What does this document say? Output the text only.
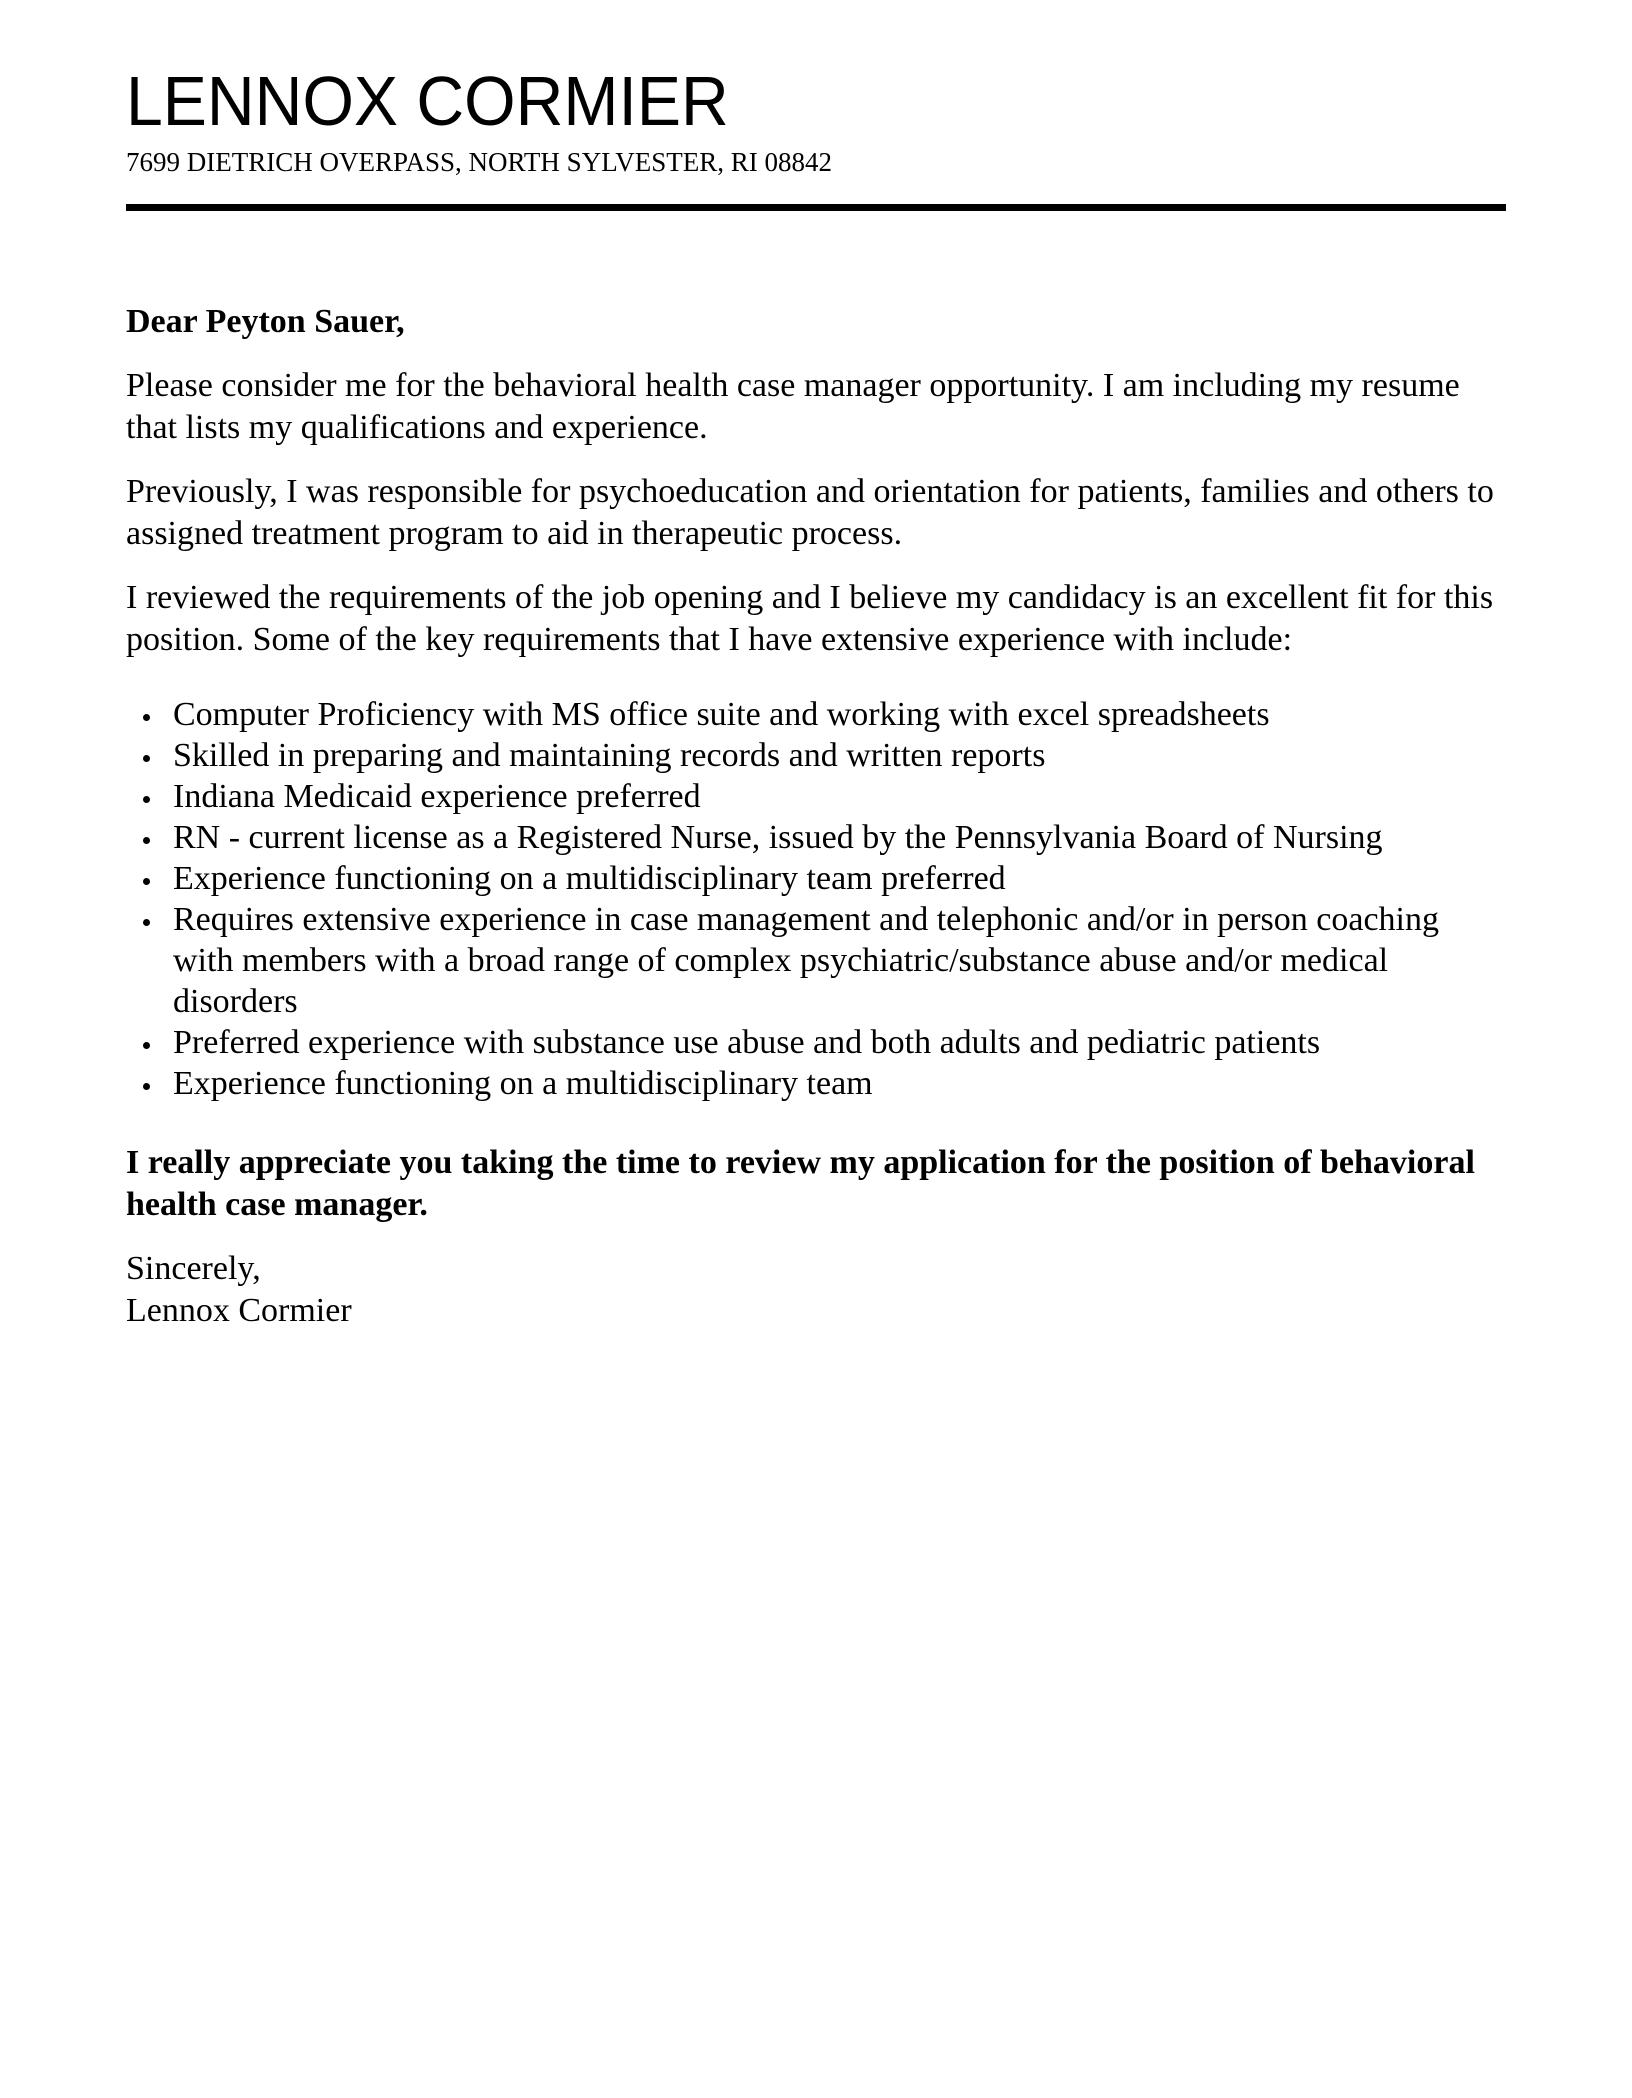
LENNOX CORMIER
7699 DIETRICH OVERPASS, NORTH SYLVESTER, RI 08842

Dear Peyton Sauer,

Please consider me for the behavioral health case manager opportunity. I am including my resume that lists my qualifications and experience.

Previously, I was responsible for psychoeducation and orientation for patients, families and others to assigned treatment program to aid in therapeutic process.

I reviewed the requirements of the job opening and I believe my candidacy is an excellent fit for this position. Some of the key requirements that I have extensive experience with include:

Computer Proficiency with MS office suite and working with excel spreadsheets
Skilled in preparing and maintaining records and written reports
Indiana Medicaid experience preferred
RN - current license as a Registered Nurse, issued by the Pennsylvania Board of Nursing
Experience functioning on a multidisciplinary team preferred
Requires extensive experience in case management and telephonic and/or in person coaching with members with a broad range of complex psychiatric/substance abuse and/or medical disorders
Preferred experience with substance use abuse and both adults and pediatric patients
Experience functioning on a multidisciplinary team

I really appreciate you taking the time to review my application for the position of behavioral health case manager.

Sincerely,
Lennox Cormier
